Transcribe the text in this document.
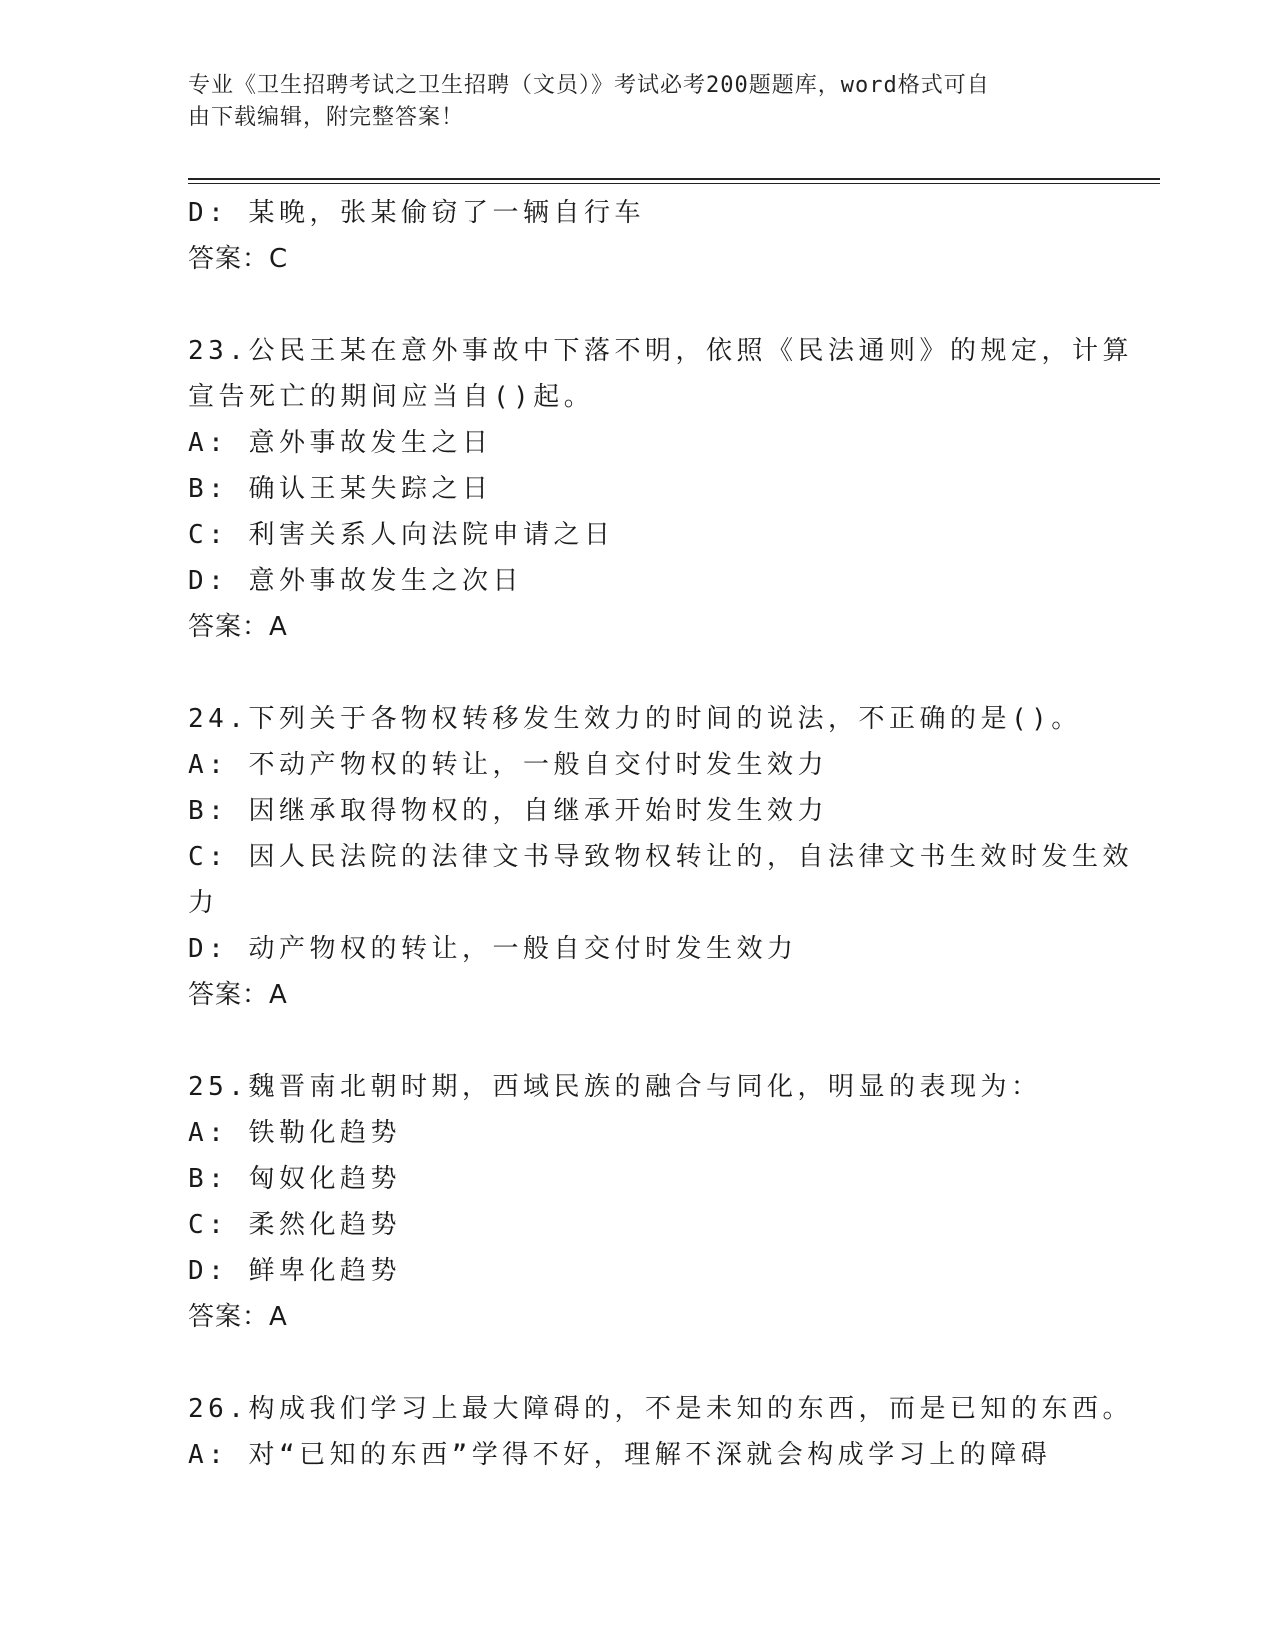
专业《卫生招聘考试之卫生招聘（文员）》考试必考200题题库，word格式可自
由下载编辑，附完整答案！
D: 某晚，张某偷窃了一辆自行车
答案：C
23.公民王某在意外事故中下落不明，依照《民法通则》的规定，计算
宣告死亡的期间应当自()起。
A: 意外事故发生之日
B: 确认王某失踪之日
C: 利害关系人向法院申请之日
D: 意外事故发生之次日
答案：A
24.下列关于各物权转移发生效力的时间的说法，不正确的是()。
A: 不动产物权的转让，一般自交付时发生效力
B: 因继承取得物权的，自继承开始时发生效力
C: 因人民法院的法律文书导致物权转让的，自法律文书生效时发生效
力
D: 动产物权的转让，一般自交付时发生效力
答案：A
25.魏晋南北朝时期，西域民族的融合与同化，明显的表现为：
A: 铁勒化趋势
B: 匈奴化趋势
C: 柔然化趋势
D: 鲜卑化趋势
答案：A
26.构成我们学习上最大障碍的，不是未知的东西，而是已知的东西。
A: 对“已知的东西”学得不好，理解不深就会构成学习上的障碍
